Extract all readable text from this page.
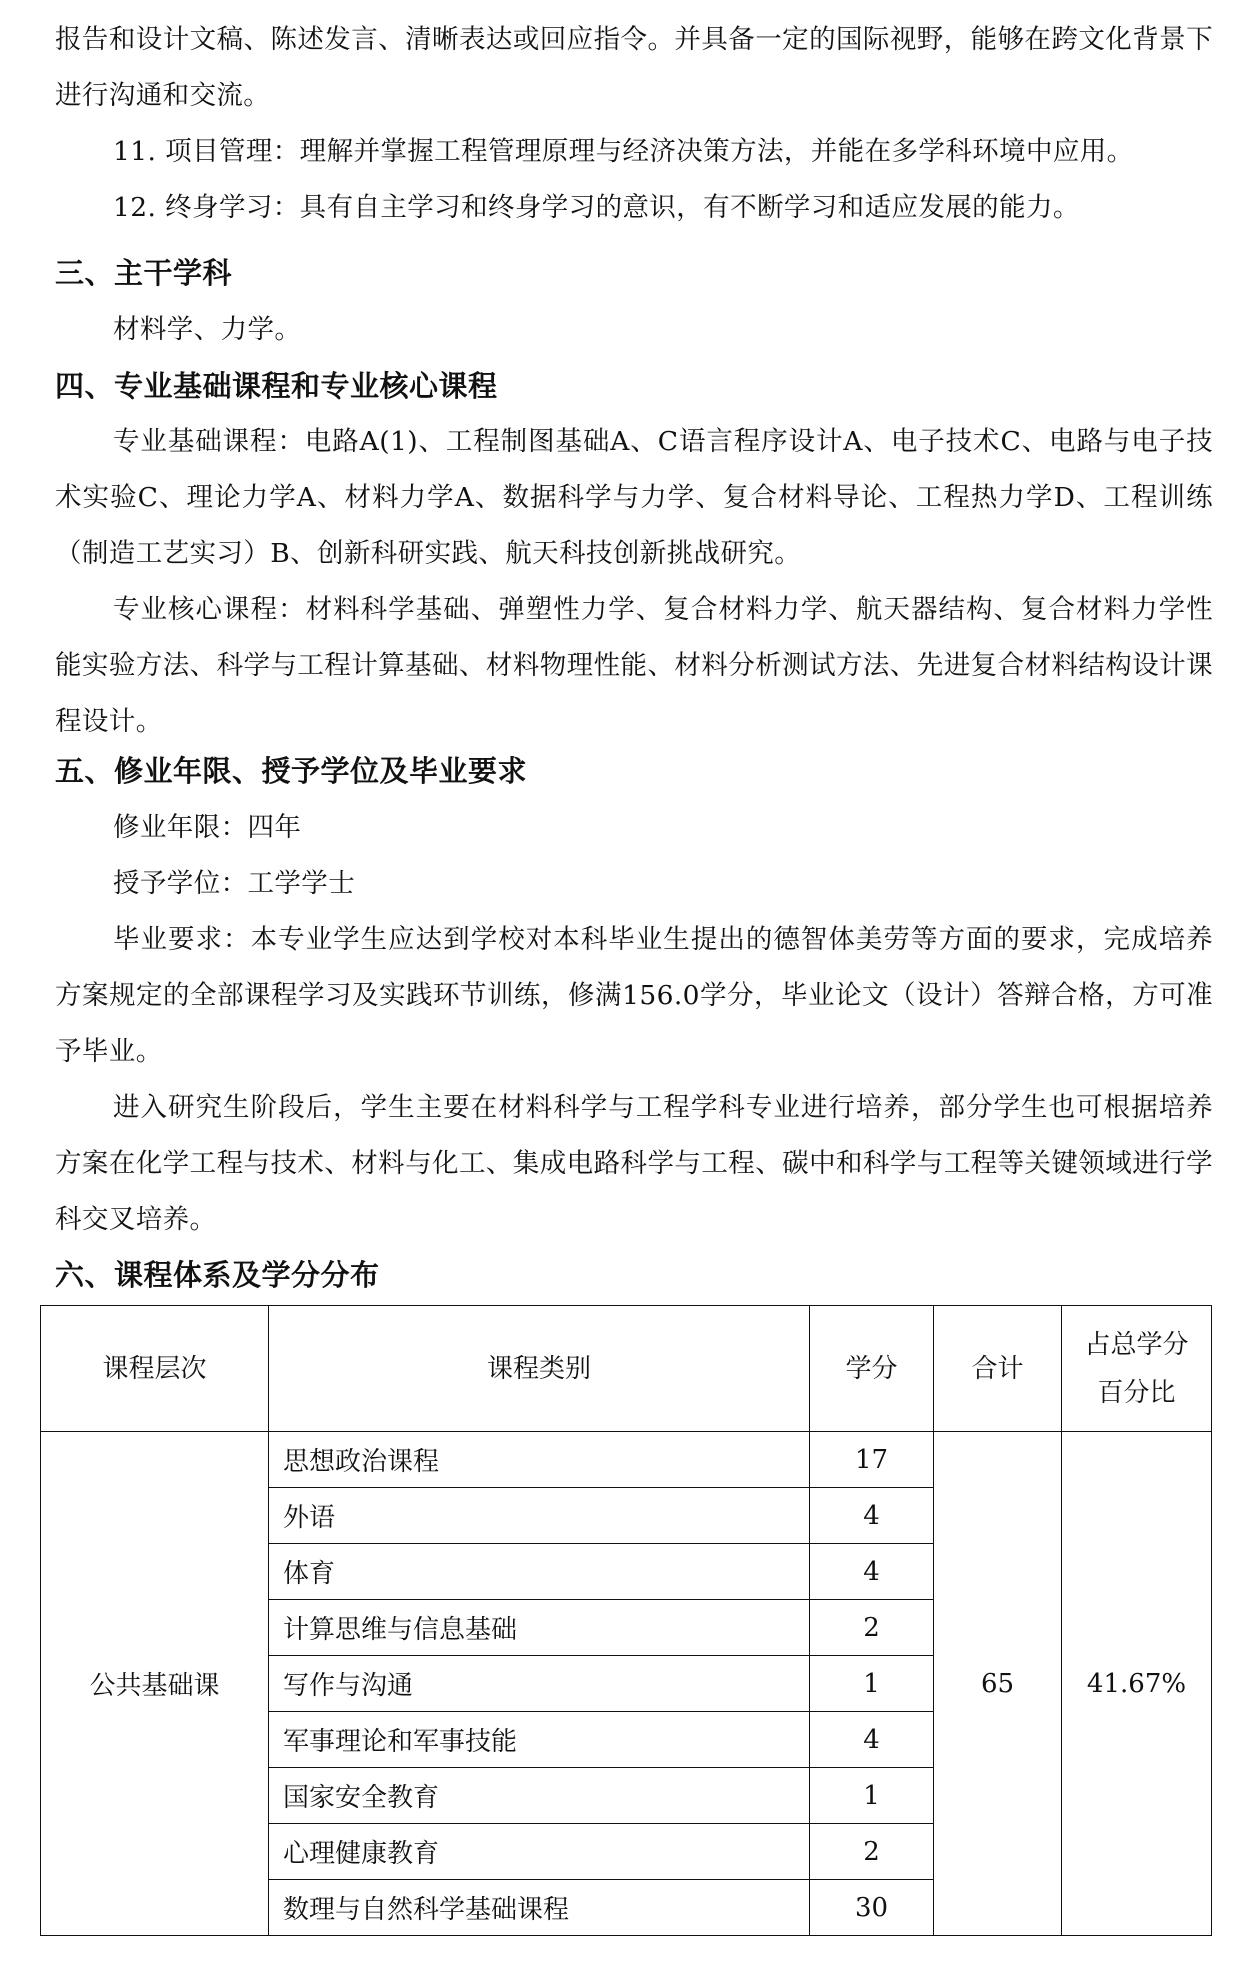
报告和设计文稿、陈述发言、清晰表达或回应指令。并具备一定的国际视野，能够在跨文化背景下进行沟通和交流。
11. 项目管理：理解并掌握工程管理原理与经济决策方法，并能在多学科环境中应用。
12. 终身学习：具有自主学习和终身学习的意识，有不断学习和适应发展的能力。
三、主干学科
材料学、力学。
四、专业基础课程和专业核心课程
专业基础课程：电路A(1)、工程制图基础A、C语言程序设计A、电子技术C、电路与电子技术实验C、理论力学A、材料力学A、数据科学与力学、复合材料导论、工程热力学D、工程训练（制造工艺实习）B、创新科研实践、航天科技创新挑战研究。
专业核心课程：材料科学基础、弹塑性力学、复合材料力学、航天器结构、复合材料力学性能实验方法、科学与工程计算基础、材料物理性能、材料分析测试方法、先进复合材料结构设计课程设计。
五、修业年限、授予学位及毕业要求
修业年限：四年
授予学位：工学学士
毕业要求：本专业学生应达到学校对本科毕业生提出的德智体美劳等方面的要求，完成培养方案规定的全部课程学习及实践环节训练，修满156.0学分，毕业论文（设计）答辩合格，方可准予毕业。
进入研究生阶段后，学生主要在材料科学与工程学科专业进行培养，部分学生也可根据培养方案在化学工程与技术、材料与化工、集成电路科学与工程、碳中和科学与工程等关键领域进行学科交叉培养。
六、课程体系及学分分布
课程层次	课程类别	学分	合计	占总学分
百分比

公共基础课	思想政治课程	17	65	41.67%
	外语	4		
	体育	4		
	计算思维与信息基础	2		
	写作与沟通	1		
	军事理论和军事技能	4		
	国家安全教育	1		
	心理健康教育	2		
	数理与自然科学基础课程	30		
